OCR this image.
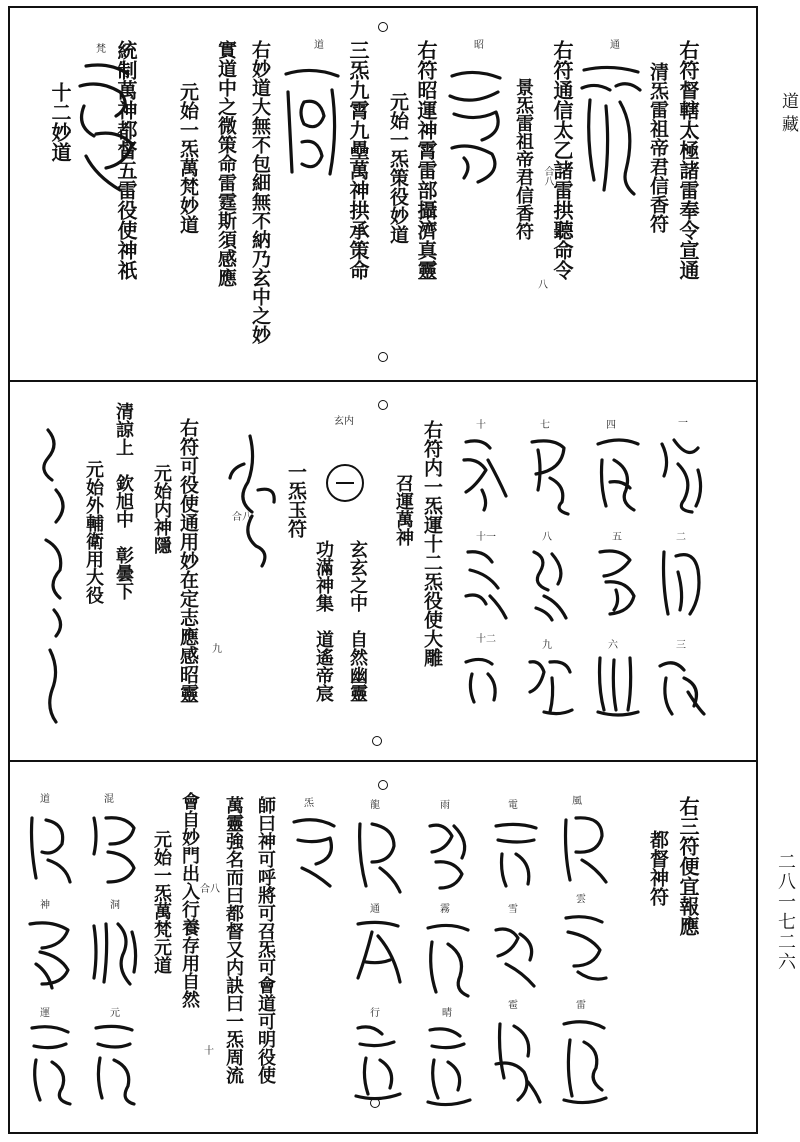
道藏
二八一七二六
右符督轄太極諸雷奉令宣通
清炁雷祖帝君信香符
右符通信太乙諸雷拱聽命令
景炁雷祖帝君信香符
右符昭運神霄雷部攝濟真靈
元始一炁策役妙道
三炁九霄九壘萬神拱承策命
右妙道大無不包細無不納乃玄中之妙
實道中之微策命雷霆斯須感應
元始一炁萬梵妙道
統制萬神都督五雷役使神祇
十二妙道
通
昭
道
梵
合八
八
一
二
三
四
五
六
七
八
九
十
十一
十二
右符内一炁運十二炁役使大雕
召運萬神
玄内
玄玄之中　自然幽靈
功滿神集　道遙帝宸
一炁玉符
合八
九
右符可役使通用妙在定志應感昭靈
元始内神隱
清諒上　欽旭中　彰曇下
元始外輔衛用大役
右三符便宜報應
都督神符
風
雲
雷
電
雪
雹
雨
霧
晴
龍
通
行
炁
師曰神可呼將可召炁可會道可明役使
萬靈強名而曰都督又内訣曰一炁周流
會自妙門出入行養存用自然
元始一炁萬梵元道	合八
十
混
洞
元
道
神
運
